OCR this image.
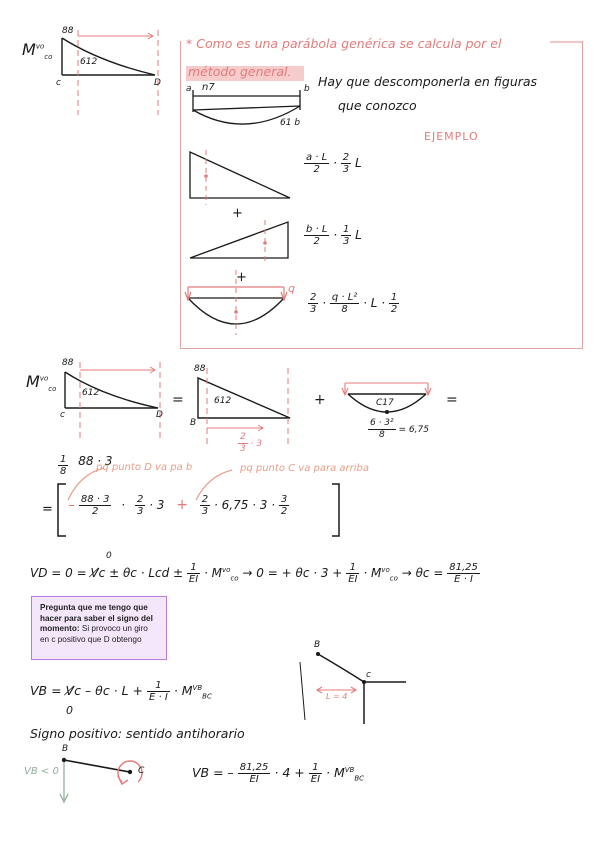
$M^{vo}_{co}$
88
612
c	D
* Como es una parábola genérica se calcula por el
método general.
Hay que descomponerla en figuras
que conozco
EJEMPLO
a	b
n7
61 b
$\frac{a \cdot L}{2} \cdot \frac{2}{3}$ L
+
$\frac{b \cdot L}{2} \cdot \frac{1}{3}$ L
+
q
$\frac{2}{3} \cdot \frac{\text{q · L²}}{8} \cdot L \cdot \frac{1}{2}$
$M^{vo}_{co}$
88
612
c	D
=
88
612
B
$\frac{2}{3} \cdot 3$
+	C17
$\frac{\text{6 · 3²}}{8} = 6,75$
=
$\frac{1}{8} 88 \cdot 3$
pq punto D va pa b	pq punto C va para arriba
= – $\frac{88 \cdot 3}{2} \cdot \frac{2}{3} \cdot 3 + \frac{2}{3} \cdot 6,75 \cdot 3 \cdot \frac{3}{2}$
VD = 0 = V̸c ± θc · Lcd ± $\frac{1}{EI} \cdot M^{vo}_{co} \to 0$ = + $\theta c \cdot 3 + \frac{1}{EI} \cdot M^{vo}_{co} \to \theta c = \frac{81,25}{E \cdot I}$
0
Pregunta que me tengo que hacer para saber el signo del momento: Si provoco un giro en c positivo que D obtengo
VB = V̸c – $\theta c \cdot L + \frac{1}{E \cdot I} \cdot M^{VB}_{BC}$
0
B
c
L = 4
Signo positivo: sentido antihorario
VB < 0
B
C	VB = – $\frac{81,25}{EI} \cdot 4 + \frac{1}{EI} \cdot M^{VB}_{BC}$
